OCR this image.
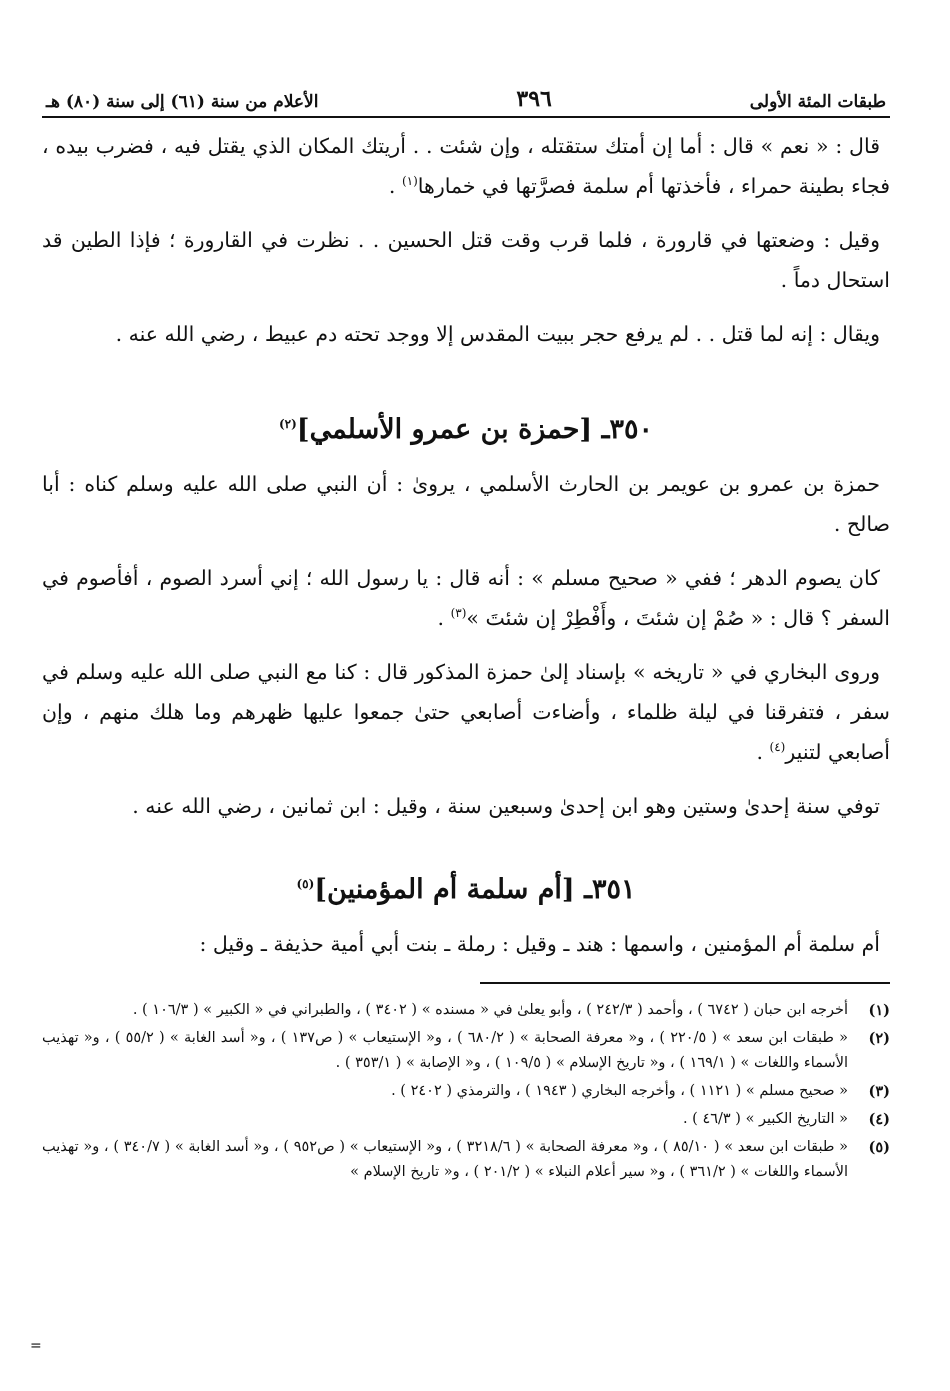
طبقات المئة الأولى
٣٩٦
الأعلام من سنة (٦١) إلى سنة (٨٠) هـ

قال : « نعم » قال : أما إن أمتك ستقتله ، وإن شئت . . أريتك المكان الذي يقتل فيه ، فضرب بيده ، فجاء بطينة حمراء ، فأخذتها أم سلمة فصرَّتها في خمارها$^{(١)}$ .

وقيل : وضعتها في قارورة ، فلما قرب وقت قتل الحسين . . نظرت في القارورة ؛ فإذا الطين قد استحال دماً .

ويقال : إنه لما قتل . . لم يرفع حجر ببيت المقدس إلا ووجد تحته دم عبيط ، رضي الله عنه .

٣٥٠ـ [حمزة بن عمرو الأسلمي]$^{(٢)}$

حمزة بن عمرو بن عويمر بن الحارث الأسلمي ، يروىٰ : أن النبي صلى الله عليه وسلم كناه : أبا صالح .

كان يصوم الدهر ؛ ففي « صحيح مسلم » : أنه قال : يا رسول الله ؛ إني أسرد الصوم ، أفأصوم في السفر ؟ قال : « صُمْ إن شئتَ ، وأَفْطِرْ إن شئتَ »$^{(٣)}$ .

وروى البخاري في « تاريخه » بإسناد إلىٰ حمزة المذكور قال : كنا مع النبي صلى الله عليه وسلم في سفر ، فتفرقنا في ليلة ظلماء ، وأضاءت أصابعي حتىٰ جمعوا عليها ظهرهم وما هلك منهم ، وإن أصابعي لتنير$^{(٤)}$ .

توفي سنة إحدىٰ وستين وهو ابن إحدىٰ وسبعين سنة ، وقيل : ابن ثمانين ، رضي الله عنه .

٣٥١ـ [أم سلمة أم المؤمنين]$^{(٥)}$

أم سلمة أم المؤمنين ، واسمها : هند ـ وقيل : رملة ـ بنت أبي أمية حذيفة ـ وقيل :

(١)
أخرجه ابن حبان ( ٦٧٤٢ ) ، وأحمد ( ٢٤٢/٣ ) ، وأبو يعلىٰ في « مسنده » ( ٣٤٠٢ ) ، والطبراني في « الكبير » ( ١٠٦/٣ ) .
(٢)
« طبقات ابن سعد » ( ٢٢٠/٥ ) ، و« معرفة الصحابة » ( ٦٨٠/٢ ) ، و« الإستيعاب » ( ص١٣٧ ) ، و« أسد الغابة » ( ٥٥/٢ ) ، و« تهذيب الأسماء واللغات » ( ١٦٩/١ ) ، و« تاريخ الإسلام » ( ١٠٩/٥ ) ، و« الإصابة » ( ٣٥٣/١ ) .
(٣)
« صحيح مسلم » ( ١١٢١ ) ، وأخرجه البخاري ( ١٩٤٣ ) ، والترمذي ( ٢٤٠٢ ) .
(٤)
« التاريخ الكبير » ( ٤٦/٣ ) .
(٥)
« طبقات ابن سعد » ( ٨٥/١٠ ) ، و« معرفة الصحابة » ( ٣٢١٨/٦ ) ، و« الإستيعاب » ( ص٩٥٢ ) ، و« أسد الغابة » ( ٣٤٠/٧ ) ، و« تهذيب الأسماء واللغات » ( ٣٦١/٢ ) ، و« سير أعلام النبلاء » ( ٢٠١/٢ ) ، و« تاريخ الإسلام »
=
